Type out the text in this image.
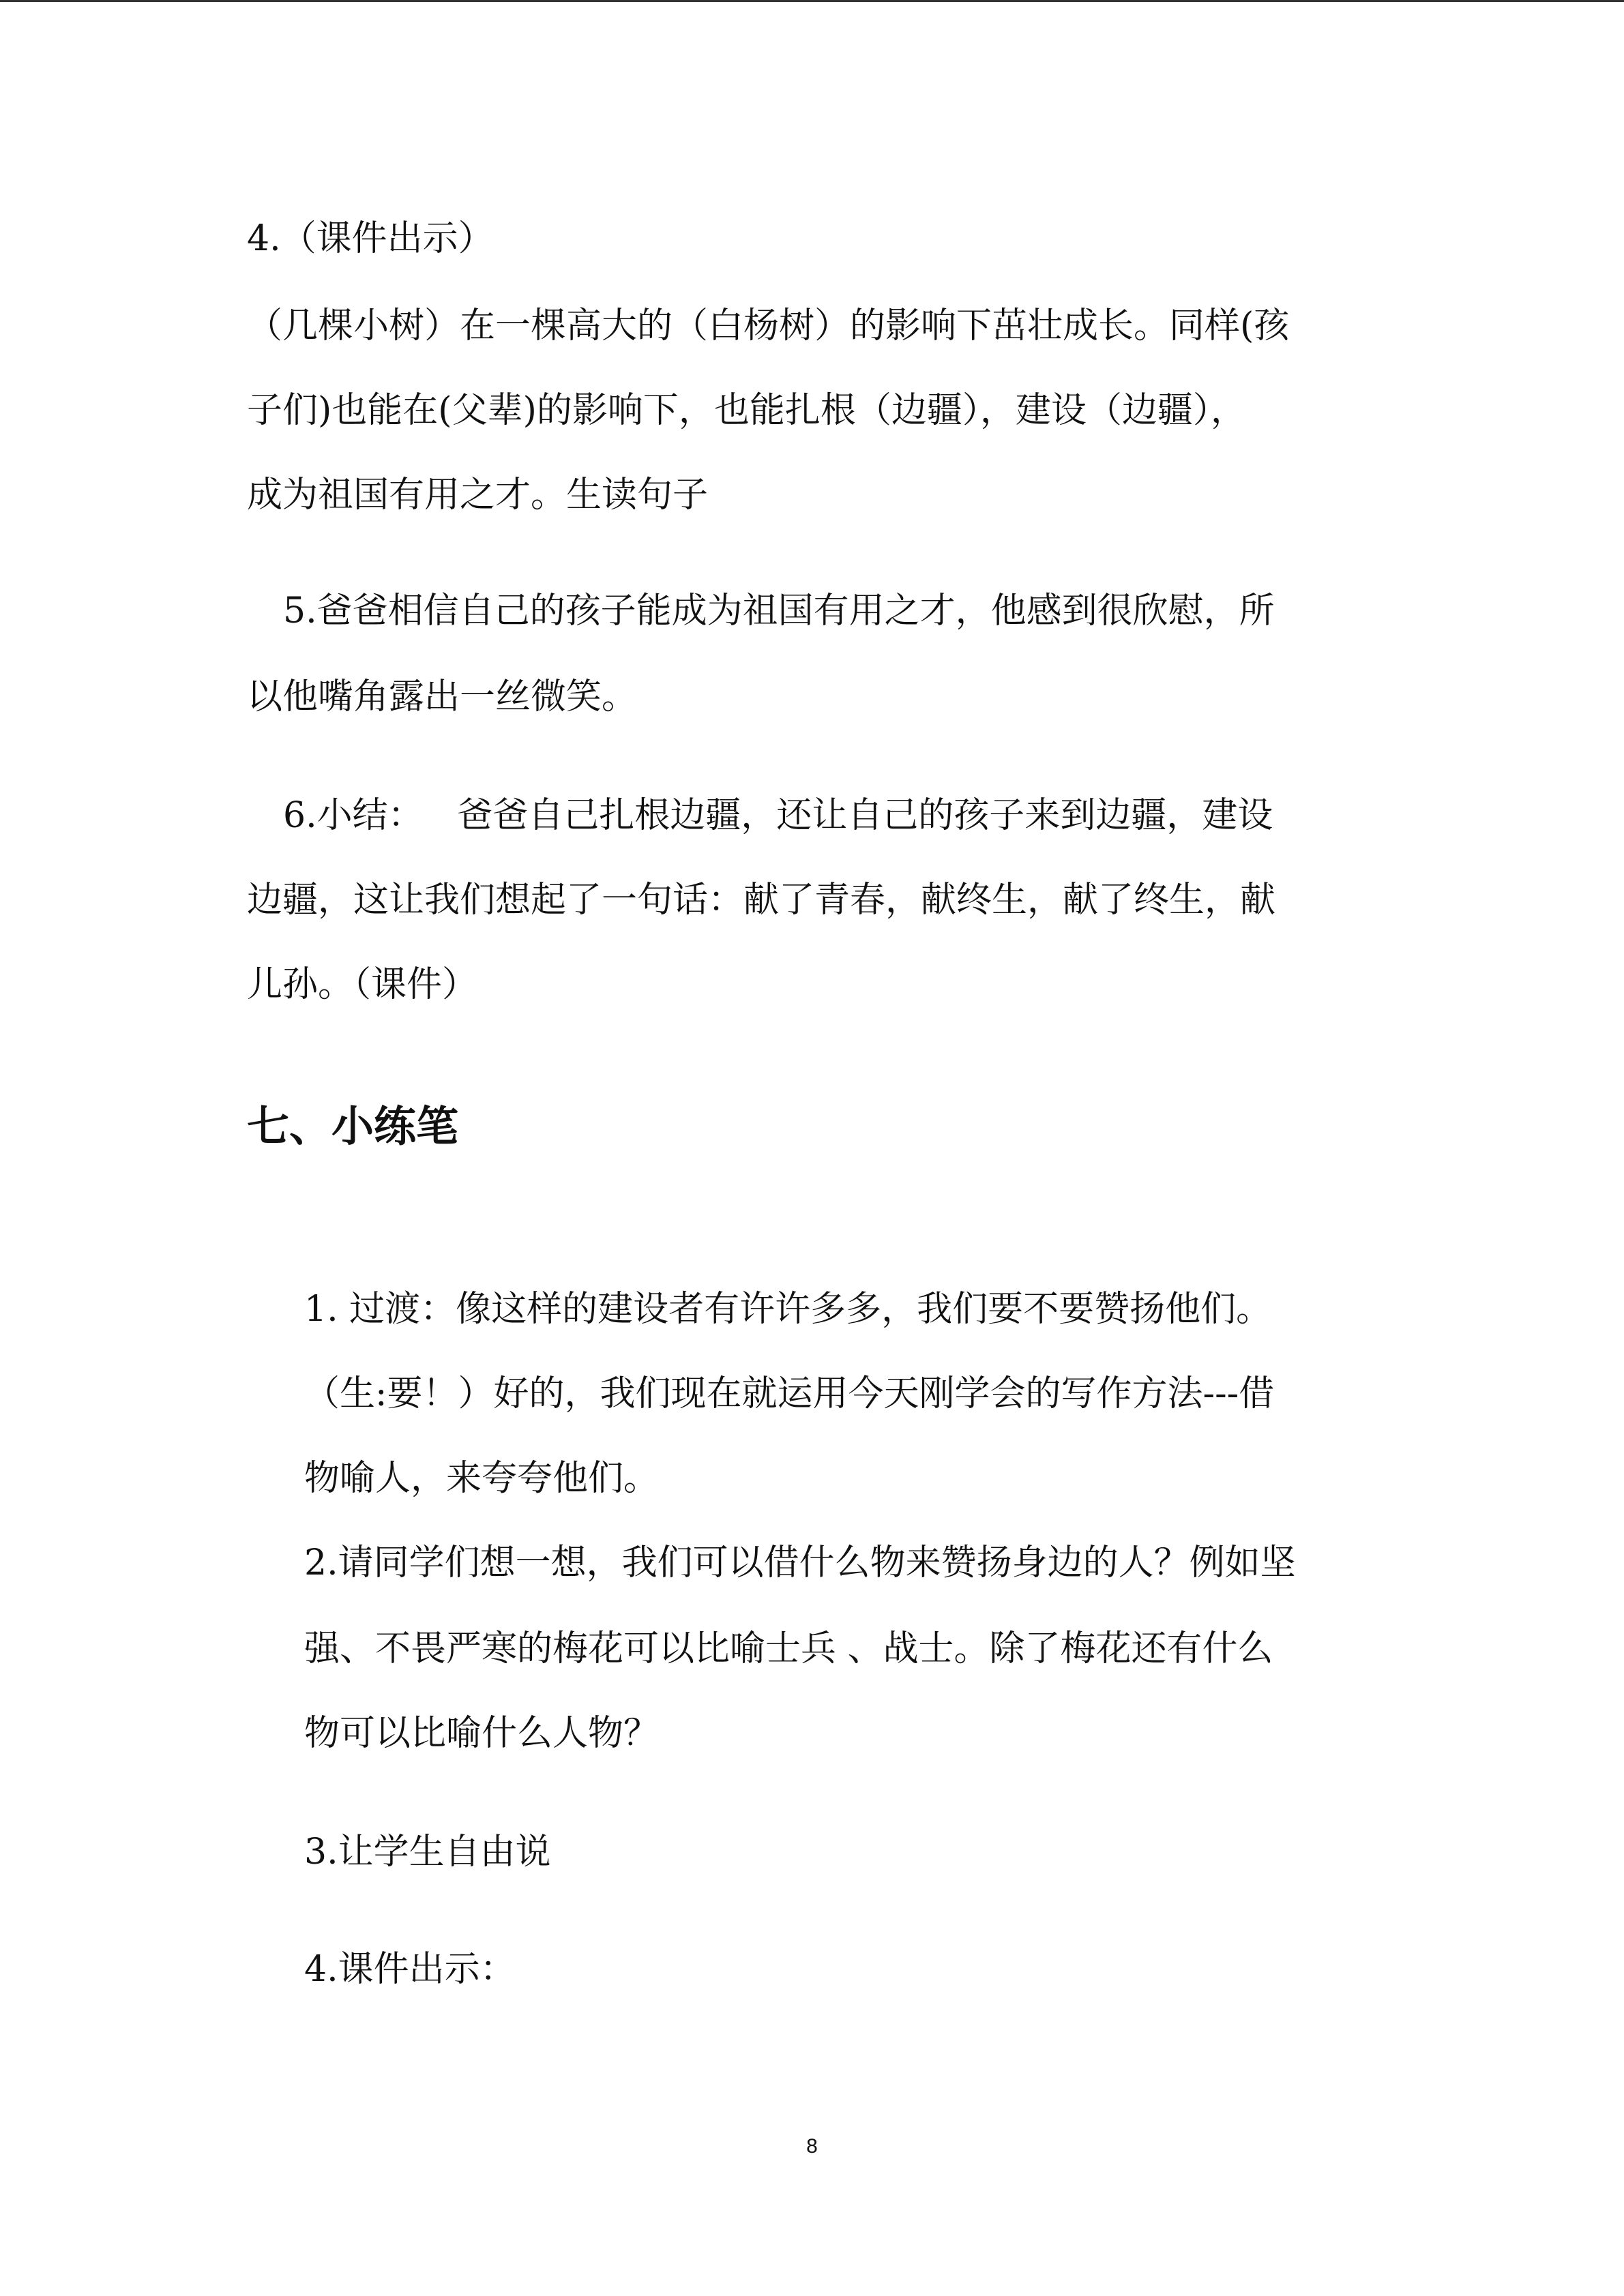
4.（课件出示）

（几棵小树）在一棵高大的（白杨树）的影响下茁壮成长。同样(孩

子们)也能在(父辈)的影响下，也能扎根（边疆），建设（边疆），

成为祖国有用之才。生读句子

5.爸爸相信自己的孩子能成为祖国有用之才，他感到很欣慰，所

以他嘴角露出一丝微笑。

6.小结：   爸爸自己扎根边疆，还让自己的孩子来到边疆，建设

边疆，这让我们想起了一句话：献了青春，献终生，献了终生，献

儿孙。（课件）

七、小练笔

1. 过渡：像这样的建设者有许许多多，我们要不要赞扬他们。

（生:要！）好的，我们现在就运用今天刚学会的写作方法---借

物喻人，来夸夸他们。

2.请同学们想一想，我们可以借什么物来赞扬身边的人？例如坚

强、不畏严寒的梅花可以比喻士兵 、战士。除了梅花还有什么

物可以比喻什么人物？

3.让学生自由说

4.课件出示：

8
